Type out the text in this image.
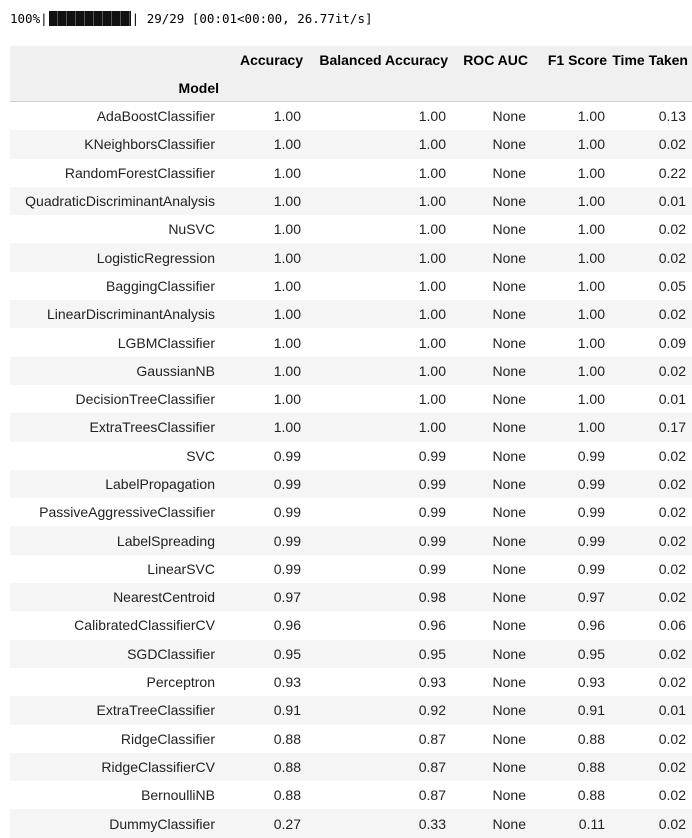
100% |	|
29/29
[00:01<00:00, 26.77it/s]
	Accuracy	Balanced Accuracy	ROC AUC	F1 Score	Time Taken
Model					
AdaBoostClassifier	1.00	1.00	None	1.00	0.13
KNeighborsClassifier	1.00	1.00	None	1.00	0.02
RandomForestClassifier	1.00	1.00	None	1.00	0.22
QuadraticDiscriminantAnalysis	1.00	1.00	None	1.00	0.01
NuSVC	1.00	1.00	None	1.00	0.02
LogisticRegression	1.00	1.00	None	1.00	0.02
BaggingClassifier	1.00	1.00	None	1.00	0.05
LinearDiscriminantAnalysis	1.00	1.00	None	1.00	0.02
LGBMClassifier	1.00	1.00	None	1.00	0.09
GaussianNB	1.00	1.00	None	1.00	0.02
DecisionTreeClassifier	1.00	1.00	None	1.00	0.01
ExtraTreesClassifier	1.00	1.00	None	1.00	0.17
SVC	0.99	0.99	None	0.99	0.02
LabelPropagation	0.99	0.99	None	0.99	0.02
PassiveAggressiveClassifier	0.99	0.99	None	0.99	0.02
LabelSpreading	0.99	0.99	None	0.99	0.02
LinearSVC	0.99	0.99	None	0.99	0.02
NearestCentroid	0.97	0.98	None	0.97	0.02
CalibratedClassifierCV	0.96	0.96	None	0.96	0.06
SGDClassifier	0.95	0.95	None	0.95	0.02
Perceptron	0.93	0.93	None	0.93	0.02
ExtraTreeClassifier	0.91	0.92	None	0.91	0.01
RidgeClassifier	0.88	0.87	None	0.88	0.02
RidgeClassifierCV	0.88	0.87	None	0.88	0.02
BernoulliNB	0.88	0.87	None	0.88	0.02
DummyClassifier	0.27	0.33	None	0.11	0.02
